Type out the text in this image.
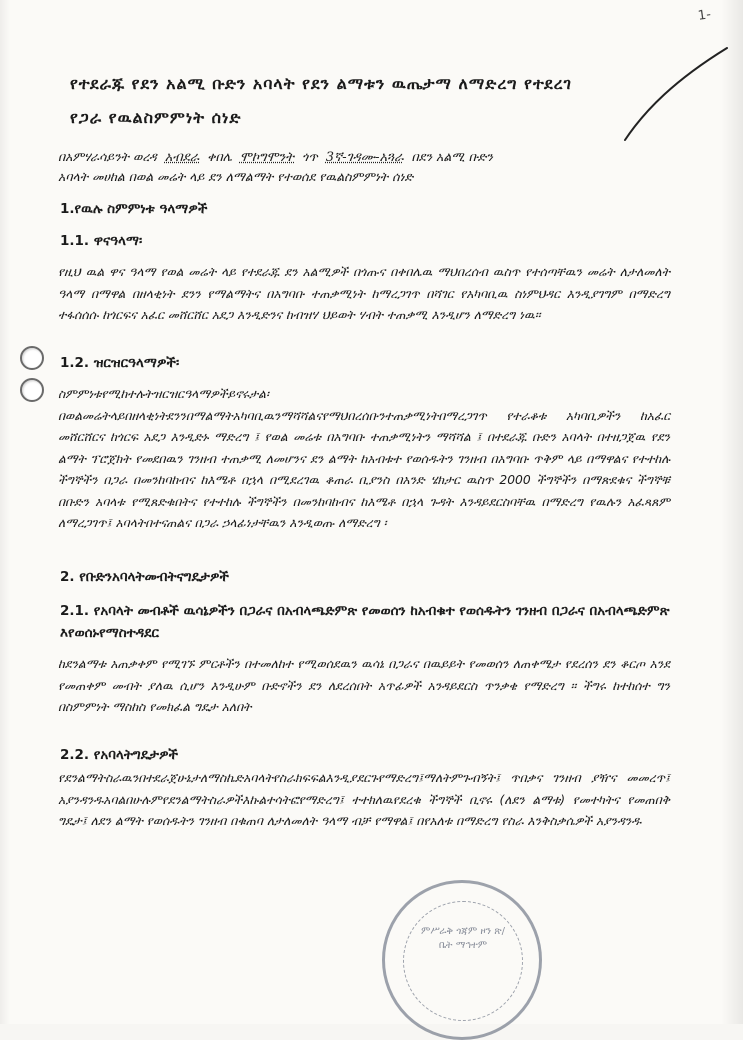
1-
የተደራጁ የደን አልሚ ቡድን አባላት የደን ልማቱን ዉጤታማ ለማድረግ የተደረገ
የጋራ የዉልስምምነት ሰነድ
በአምሃራሳይንት ወረዳ አብደራ ቀበሌ ሞኮግሞንት ጎጥ 3ኛ-ገዳሙ-አጓራ በደን አልሚ ቡድን
አባላት መሀከል በወል መሬት ላይ ደን ለማልማት የተወሰደ የዉልስምምነት ሰነድ
1.የዉሉ ስምምነቱ ዓላማዎች
1.1. ዋናዓላማ፡

የዚህ ዉል ዋና ዓላማ የወል መሬት ላይ የተደራጁ ደን አልሚዎች በጎጡና በቀበሌዉ ማህበረሰብ ዉስጥ የተሰጣቸዉን መሬት ለታለመለት ዓላማ በማዋል በዘላቂነት ደንን የማልማትና በአግባቡ ተጠቃሚነት ከማረጋገጥ በሻገር የአካባቢዉ ስነምህዳር እንዲያገግም በማድረግ ተፋሰሰሱ ከጎርፍና አፈር መሸርሸር አደጋ እንዲድንና ከብዝሃ ህይወት ሃብት ተጠቃሚ እንዲሆን ለማድረግ ነዉ።

1.2. ዝርዝርዓላማዎች፡

ስምምነቱየሚከተሉትዝርዝርዓላማዎችይኖሩታል፡ በወልመሬትላይበዘላቂነትደንንበማልማትአካባቢዉንማሻሻልናየማህበረሰቡንተጠቃሚነትበማረጋገጥ የተራቆቱ አካባቢዎችን ከአፈር መሸርሸርና ከጎርፍ አደጋ እንዲድኑ ማድረግ ፤ የወል መሬቱ በአግባቡ ተጠቃሚነትን ማሻሻል ፤ በተደራጁ ቡድን አባላት በተዘጋጀዉ የደን ልማት ፕሮጀክት የመደበዉን ገንዘብ ተጠቃሚ ለመሆንና ደን ልማት ከአብቱተ የወሰዱትን ገንዘብ በአግባቡ ጥቅም ላይ በማዋልና የተተከሉ ችግኞችን በጋራ በመንከባከብና ከእሜቶ በኋላ በሚደረገዉ ቆጠራ ቢያንስ በአንድ ሄክታር ዉስጥ 2000 ችግኞችን በማጽደቁና ችግኞቹ በቡድን አባላቱ የሚጸድቁበትና የተተከሉ ችግኞችን በመንከባከብና ከእሜቶ በኋላ ጉዳት እንዳይደርስባቸዉ በማድረግ የዉሉን አፈጻጸም ለማረጋገጥ፤ አባላትበተናጠልና በጋራ ኃላፊነታቸዉን እንዲወጡ ለማድረግ ፡

2. የቡድንአባላትመብትናግዴታዎች
2.1. የአባላት መብቶች ዉሳኔዎችን በጋራና በአብላጫድምጽ የመወሰን ከአብቁተ የወሰዱትን ገንዘብ በጋራና በአብላጫድምጽ እየወሰኑየማስተዳደር

ከደንልማቱ አጠቃቀም የሚገኙ ምርቶችን በተመለከተ የሚወሰደዉን ዉሳኔ በጋራና በዉይይት የመወሰን ለጠቀሜታ የደረሰን ደን ቆርጦ አንደ የመጠቀም መብት ያለዉ ሲሆን እንዲሁም ቡድኖችን ደን ለደረሰበት አጥፊዎች አንዳይደርስ ጥንቃቄ የማድረግ ፡፡ ችግሩ ከተከሰተ ግን በስምምነት ማስከስ የመክፈል ግዴታ አለበት

2.2. የአባላትግዴታዎች

የደንልማትስራዉንበተደራጀሁኔታለማስኬድአባላትየስራክፍፍልእንዲያደርጉየማድረግ፤ማለትምጉብኝት፤ ጥበቃና ገንዘብ ያዥና መመረጥ፤ አያንዳንዱአባልበሁሉምየደንልማትስራዎችእኩልተሳትፎየማድረግ፤ ተተክለዉየደረቁ ችግኞች ቢኖሩ (ለደን ልማቱ) የመተካትና የመጠበቅ ግዴታ፤ ለደን ልማት የወሰዱትን ገንዘብ በቁጠባ ለታለመለት ዓላማ ብቻ የማዋል፤ በየአለቱ በማድረግ የስራ እንቅስቃሴዎች አያንዳንዱ

ምሥራቅ ጎጃም ዞን ጽ/ቤት ማኅተም
